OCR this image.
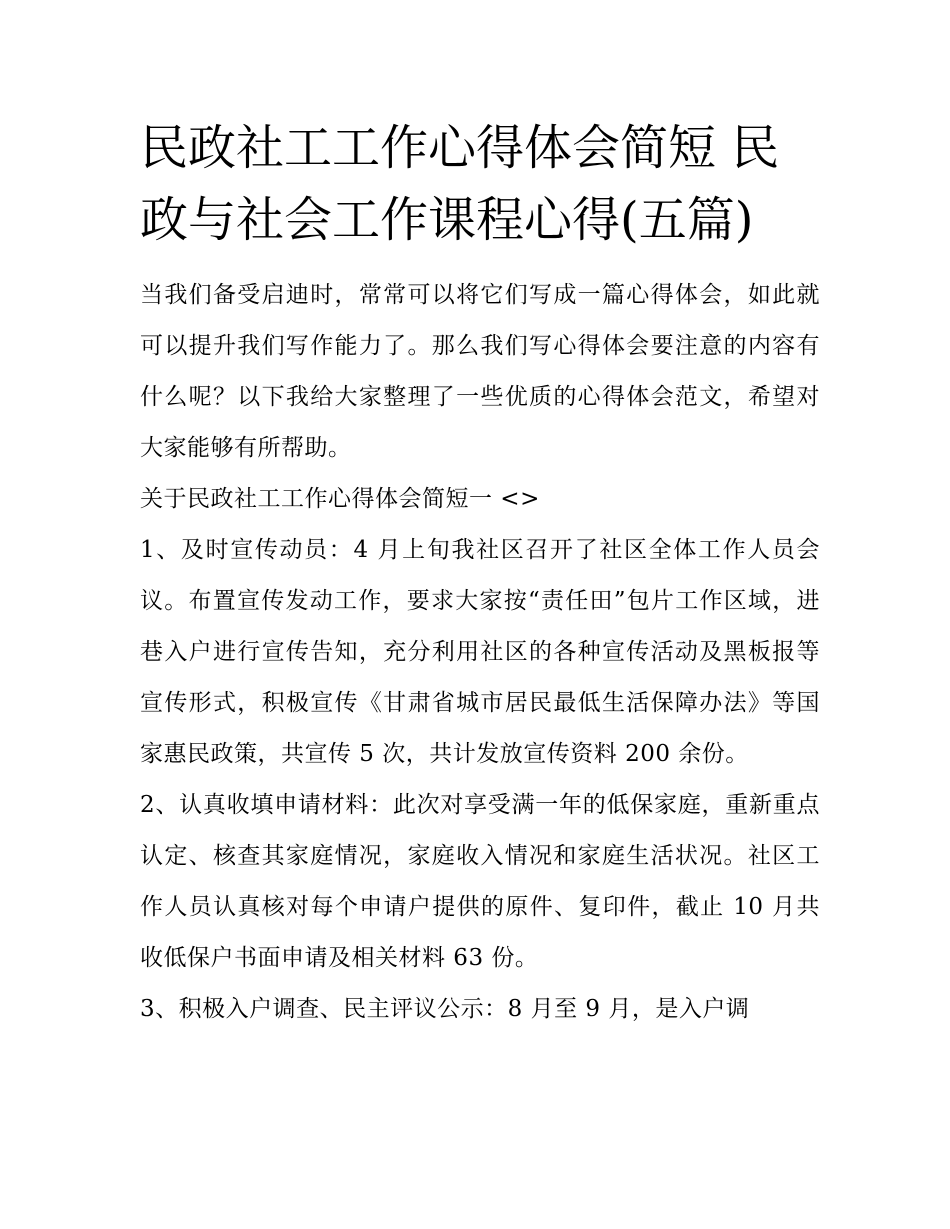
民政社工工作心得体会简短 民政与社会工作课程心得(五篇)

当我们备受启迪时，常常可以将它们写成一篇心得体会，如此就可以提升我们写作能力了。那么我们写心得体会要注意的内容有什么呢？以下我给大家整理了一些优质的心得体会范文，希望对大家能够有所帮助。

关于民政社工工作心得体会简短一 <>

1、及时宣传动员：4 月上旬我社区召开了社区全体工作人员会议。布置宣传发动工作，要求大家按“责任田”包片工作区域，进巷入户进行宣传告知，充分利用社区的各种宣传活动及黑板报等宣传形式，积极宣传《甘肃省城市居民最低生活保障办法》等国家惠民政策，共宣传 5 次，共计发放宣传资料 200 余份。

2、认真收填申请材料：此次对享受满一年的低保家庭，重新重点认定、核查其家庭情况，家庭收入情况和家庭生活状况。社区工作人员认真核对每个申请户提供的原件、复印件，截止 10 月共收低保户书面申请及相关材料 63 份。

3、积极入户调查、民主评议公示：8 月至 9 月，是入户调
